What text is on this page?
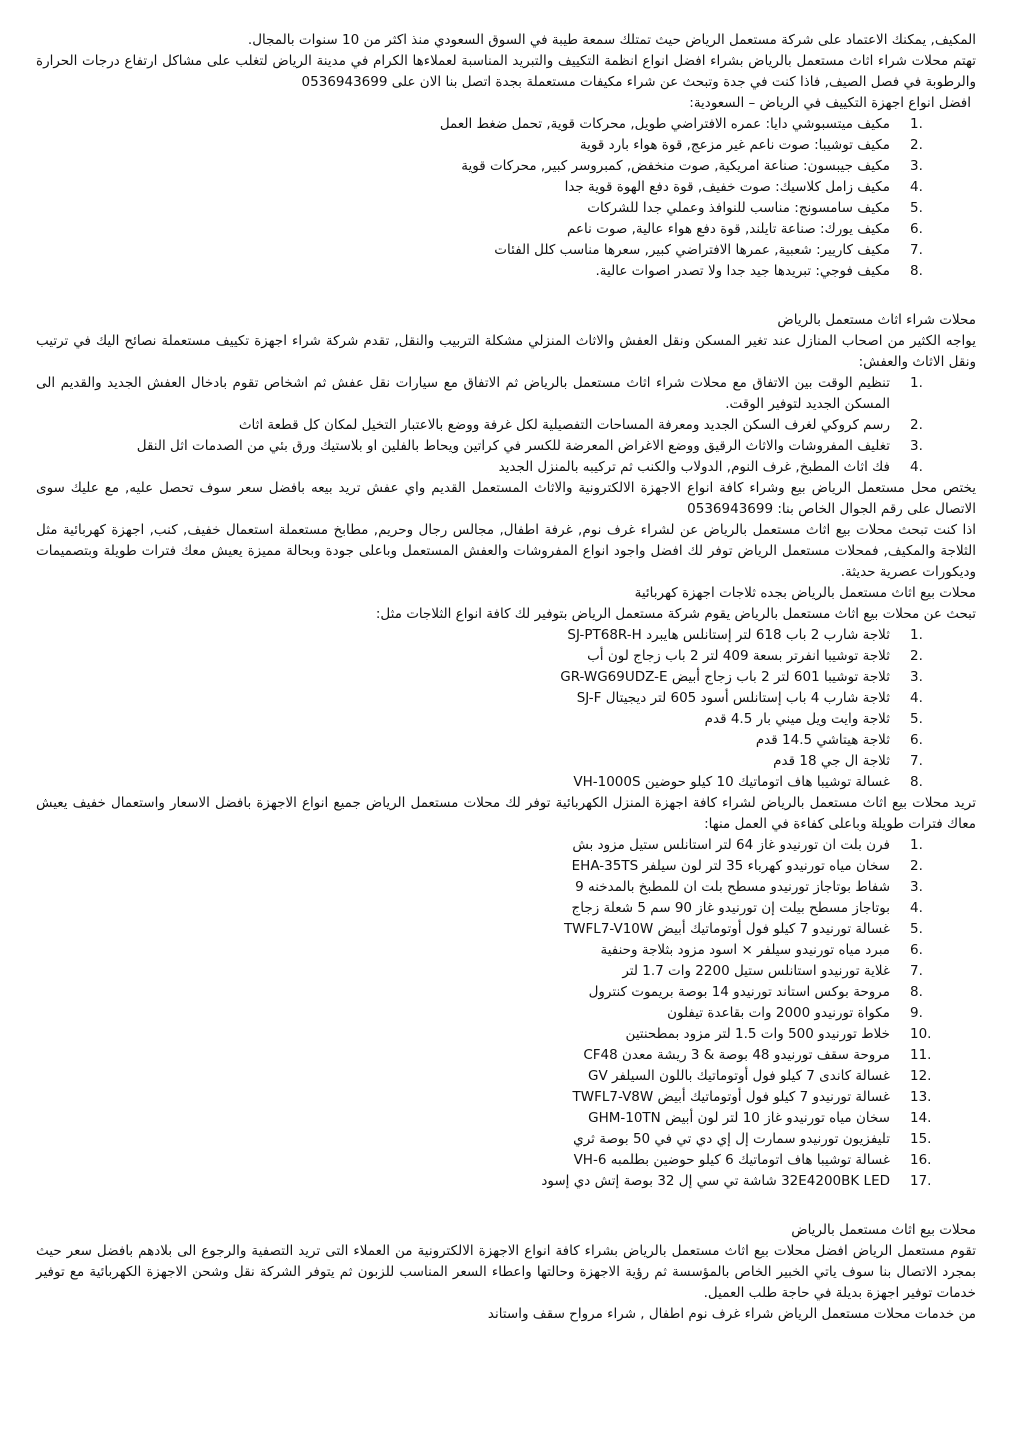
المكيف, يمكنك الاعتماد على شركة مستعمل الرياض حيث تمتلك سمعة طيبة في السوق السعودي منذ اكثر من 10 سنوات بالمجال.

تهتم محلات شراء اثاث مستعمل بالرياض بشراء افضل انواع انظمة التكييف والتبريد المناسبة لعملاءها الكرام في مدينة الرياض لتغلب على مشاكل ارتفاع درجات الحرارة والرطوبة في فصل الصيف, فاذا كنت في جدة وتبحث عن شراء مكيفات مستعملة بجدة اتصل بنا الان على 0536943699

افضل انواع اجهزة التكييف في الرياض – السعودية:

1.
مكيف ميتسبوشي دايا: عمره الافتراضي طويل, محركات قوية, تحمل ضغط العمل
2.
مكيف توشيبا: صوت ناعم غير مزعج, قوة هواء بارد قوية
3.
مكيف جيبسون: صناعة امريكية, صوت منخفض, كمبروسر كبير, محركات قوية
4.
مكيف زامل كلاسيك: صوت خفيف, قوة دفع الهوة قوية جدا
5.
مكيف سامسونج: مناسب للنوافذ وعملي جدا للشركات
6.
مكيف يورك: صناعة تايلند, قوة دفع هواء عالية, صوت ناعم
7.
مكيف كاريير: شعبية, عمرها الافتراضي كبير, سعرها مناسب كلل الفئات
8.
مكيف فوجي: تبريدها جيد جدا ولا تصدر اصوات عالية.

محلات شراء اثاث مستعمل بالرياض

يواجه الكثير من اصحاب المنازل عند تغير المسكن ونقل العفش والاثاث المنزلي مشكلة التربيب والنقل, تقدم شركة شراء اجهزة تكييف مستعملة نصائح اليك في ترتيب ونقل الاثاث والعفش:

1.
تنظيم الوقت بين الاتفاق مع محلات شراء اثاث مستعمل بالرياض ثم الاتفاق مع سيارات نقل عفش ثم اشخاص تقوم بادخال العفش الجديد والقديم الى المسكن الجديد لتوفير الوقت.
2.
رسم كروكي لغرف السكن الجديد ومعرفة المساحات التفصيلية لكل غرفة ووضع بالاعتبار التخيل لمكان كل قطعة اثاث
3.
تغليف المفروشات والاثاث الرقيق ووضع الاغراض المعرضة للكسر في كراتين ويحاط بالفلين او بلاستيك ورق بئي من الصدمات اثل النقل
4.
فك اثاث المطبخ, غرف النوم, الدولاب والكنب ثم تركيبه بالمنزل الجديد

يختص محل مستعمل الرياض بيع وشراء كافة انواع الاجهزة الالكترونية والاثاث المستعمل القديم واي عفش تريد بيعه بافضل سعر سوف تحصل عليه, مع عليك سوى الاتصال على رقم الجوال الخاص بنا: 0536943699

اذا كنت تبحث محلات بيع اثاث مستعمل بالرياض عن لشراء غرف نوم, غرفة اطفال, مجالس رجال وحريم, مطابخ مستعملة استعمال خفيف, كنب, اجهزة كهربائية مثل الثلاجة والمكيف, فمحلات مستعمل الرياض توفر لك افضل واجود انواع المفروشات والعفش المستعمل وباعلى جودة وبحالة مميزة يعيش معك فترات طويلة وبتصميمات وديكورات عصرية حديثة.

محلات بيع اثاث مستعمل بالرياض بجده ثلاجات اجهزة كهربائية

تبحث عن محلات بيع اثاث مستعمل بالرياض يقوم شركة مستعمل الرياض بتوفير لك كافة انواع الثلاجات مثل:

1.
ثلاجة شارب 2 باب 618 لتر إستانلس هايبرد SJ-PT68R-H
2.
ثلاجة توشيبا انفرتر بسعة 409 لتر 2 باب زجاج لون أب
3.
ثلاجة توشيبا 601 لتر 2 باب زجاج أبيض GR-WG69UDZ-E
4.
ثلاجة شارب 4 باب إستانلس أسود 605 لتر ديجيتال SJ-F
5.
ثلاجة وايت ويل ميني بار 4.5 قدم
6.
ثلاجة هيتاشي 14.5 قدم
7.
ثلاجة ال جي 18 قدم
8.
غسالة توشيبا هاف اتوماتيك 10 كيلو حوضين VH-1000S

تريد محلات بيع اثاث مستعمل بالرياض لشراء كافة اجهزة المنزل الكهربائية توفر لك محلات مستعمل الرياض جميع انواع الاجهزة بافضل الاسعار واستعمال خفيف يعيش معاك فترات طويلة وباعلى كفاءة في العمل منها:

1.
فرن بلت ان تورنيدو غاز 64 لتر استانلس ستيل مزود بش
2.
سخان مياه تورنيدو كهرباء 35 لتر لون سيلفر EHA-35TS
3.
شفاط بوتاجاز تورنيدو مسطح بلت ان للمطبخ بالمدخنه 9
4.
بوتاجاز مسطح بيلت إن تورنيدو غاز 90 سم 5 شعلة زجاج
5.
غسالة تورنيدو 7 كيلو فول أوتوماتيك أبيض TWFL7-V10W
6.
مبرد مياه تورنيدو سيلفر × اسود مزود بثلاجة وحنفية
7.
غلاية تورنيدو استانلس ستيل 2200 وات 1.7 لتر
8.
مروحة بوكس استاند تورنيدو 14 بوصة بريموت كنترول
9.
مكواة تورنيدو 2000 وات بقاعدة تيفلون
10.
خلاط تورنيدو 500 وات 1.5 لتر مزود بمطحنتين
11.
مروحة سقف تورنيدو 48 بوصة & 3 ريشة معدن CF48
12.
غسالة كاندى 7 كيلو فول أوتوماتيك باللون السيلفر GV
13.
غسالة تورنيدو 7 كيلو فول أوتوماتيك أبيض TWFL7-V8W
14.
سخان مياه تورنيدو غاز 10 لتر لون أبيض GHM-10TN
15.
تليفزيون تورنيدو سمارت إل إي دي تي في 50 بوصة ثري
16.
غسالة توشيبا هاف اتوماتيك 6 كيلو حوضين بطلمبه VH-6
17.
32E4200BK LED شاشة تي سي إل 32 بوصة إتش دي إسود

محلات بيع اثاث مستعمل بالرياض

تقوم مستعمل الرياض افضل محلات بيع اثاث مستعمل بالرياض بشراء كافة انواع الاجهزة الالكترونية من العملاء التى تريد التصفية والرجوع الى بلادهم بافضل سعر حيث بمجرد الاتصال بنا سوف ياتي الخبير الخاص بالمؤسسة ثم رؤية الاجهزة وحالتها واعطاء السعر المناسب للزبون ثم يتوفر الشركة نقل وشحن الاجهزة الكهربائية مع توفير خدمات توفير اجهزة بديلة في حاجة طلب العميل.

من خدمات محلات مستعمل الرياض شراء غرف نوم اطفال , شراء مرواح سقف واستاند
